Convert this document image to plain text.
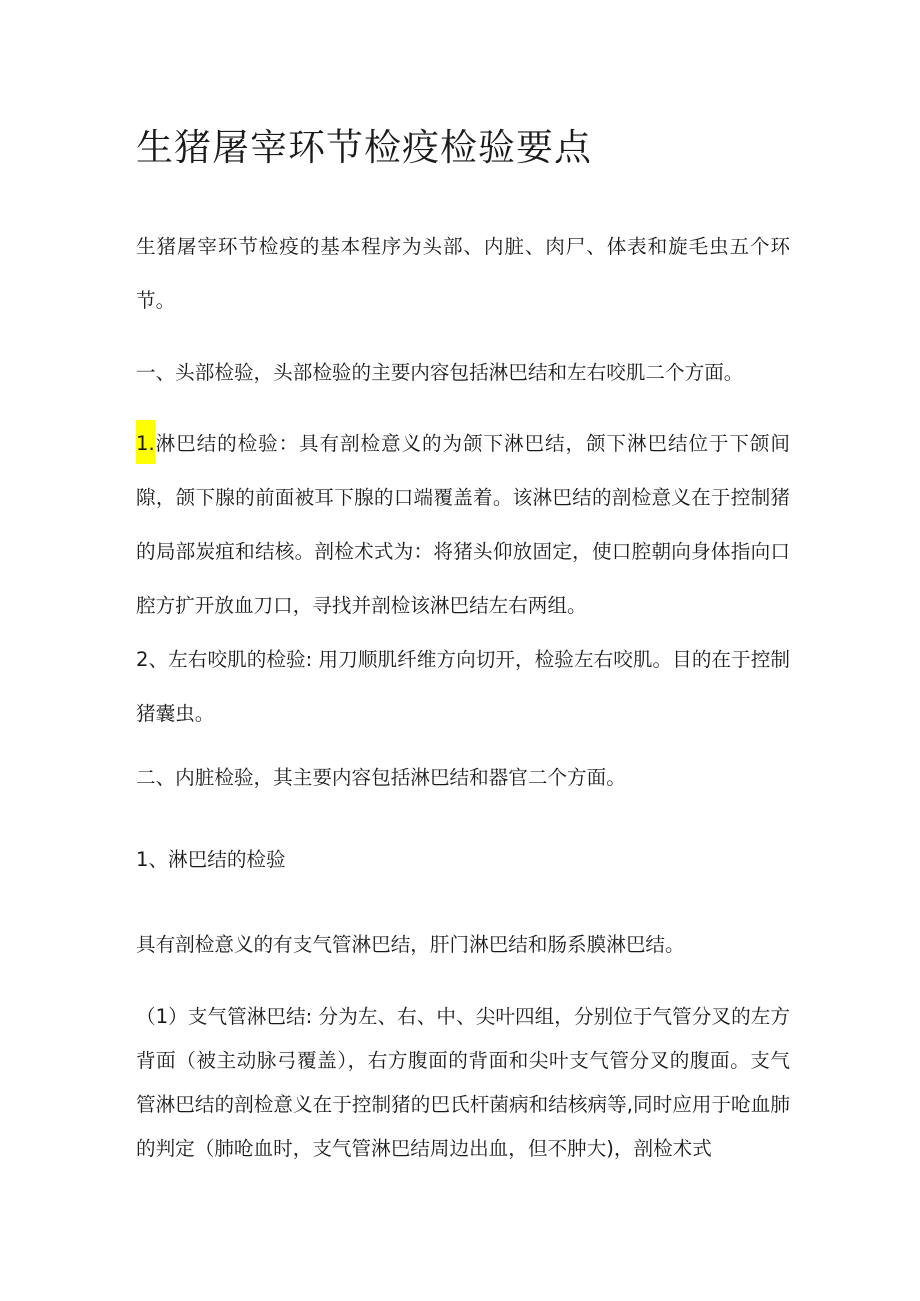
生猪屠宰环节检疫检验要点

生猪屠宰环节检疫的基本程序为头部、内脏、肉尸、体表和旋毛虫五个环节。

一、头部检验，头部检验的主要内容包括淋巴结和左右咬肌二个方面。

1.淋巴结的检验：具有剖检意义的为颌下淋巴结，颌下淋巴结位于下颌间隙，颌下腺的前面被耳下腺的口端覆盖着。该淋巴结的剖检意义在于控制猪的局部炭疽和结核。剖检术式为：将猪头仰放固定，使口腔朝向身体指向口腔方扩开放血刀口，寻找并剖检该淋巴结左右两组。

2、左右咬肌的检验: 用刀顺肌纤维方向切开，检验左右咬肌。目的在于控制猪囊虫。

二、内脏检验，其主要内容包括淋巴结和器官二个方面。

1、淋巴结的检验

具有剖检意义的有支气管淋巴结，肝门淋巴结和肠系膜淋巴结。

（1）支气管淋巴结: 分为左、右、中、尖叶四组，分别位于气管分叉的左方背面（被主动脉弓覆盖），右方腹面的背面和尖叶支气管分叉的腹面。支气管淋巴结的剖检意义在于控制猪的巴氏杆菌病和结核病等,同时应用于呛血肺的判定（肺呛血时，支气管淋巴结周边出血，但不肿大)，剖检术式
